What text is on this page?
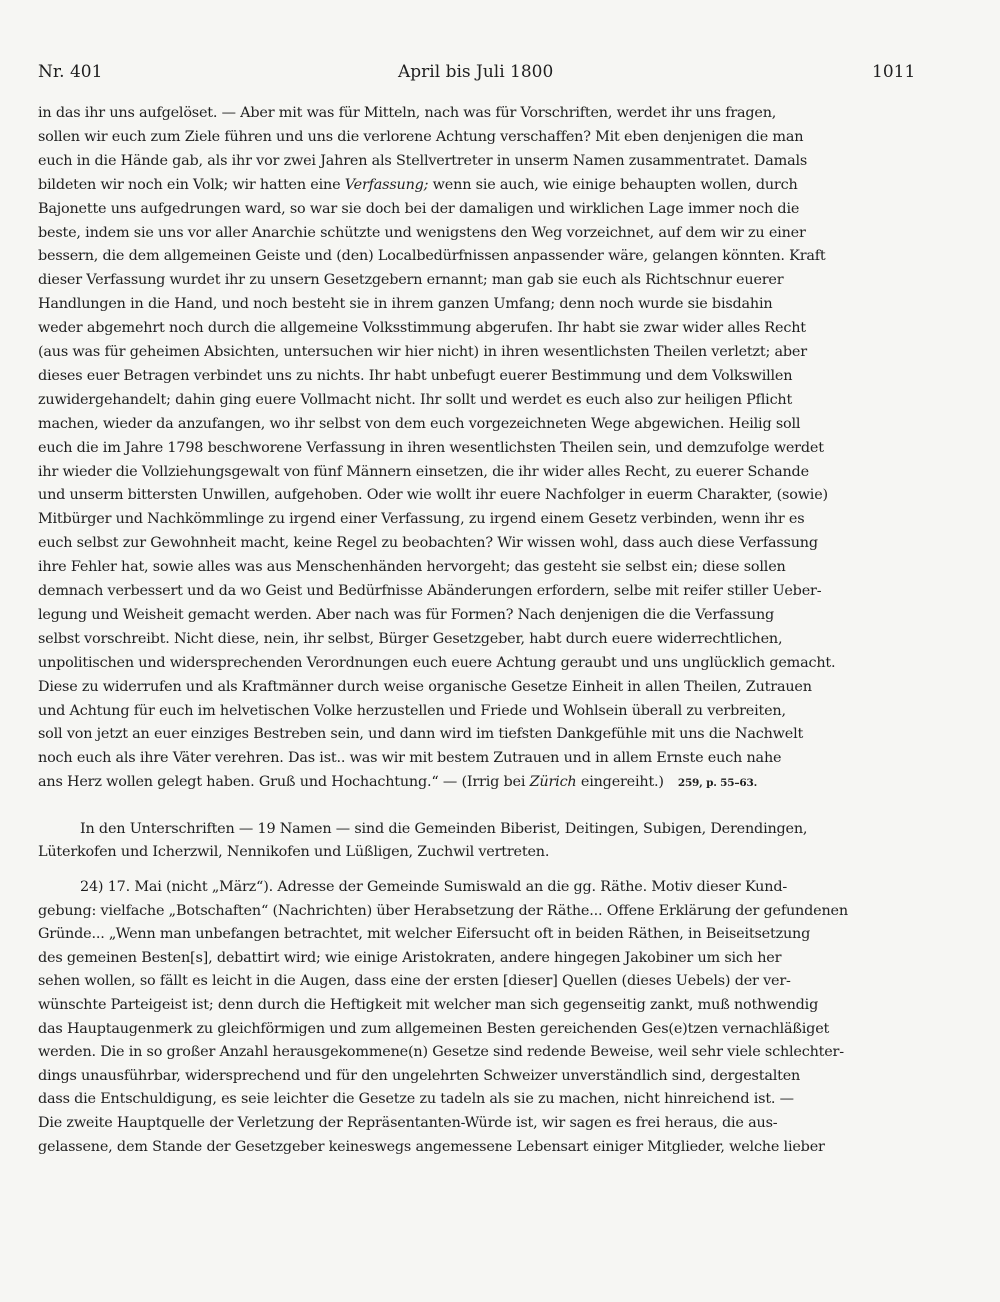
Nr. 401	April bis Juli 1800	1011
in das ihr uns aufgelöset. — Aber mit was für Mitteln, nach was für Vorschriften, werdet ihr uns fragen,
sollen wir euch zum Ziele führen und uns die verlorene Achtung verschaffen? Mit eben denjenigen die man
euch in die Hände gab, als ihr vor zwei Jahren als Stellvertreter in unserm Namen zusammentratet. Damals
bildeten wir noch ein Volk; wir hatten eine Verfassung; wenn sie auch, wie einige behaupten wollen, durch
Bajonette uns aufgedrungen ward, so war sie doch bei der damaligen und wirklichen Lage immer noch die
beste, indem sie uns vor aller Anarchie schützte und wenigstens den Weg vorzeichnet, auf dem wir zu einer
bessern, die dem allgemeinen Geiste und (den) Localbedürfnissen anpassender wäre, gelangen könnten. Kraft
dieser Verfassung wurdet ihr zu unsern Gesetzgebern ernannt; man gab sie euch als Richtschnur euerer
Handlungen in die Hand, und noch besteht sie in ihrem ganzen Umfang; denn noch wurde sie bisdahin
weder abgemehrt noch durch die allgemeine Volksstimmung abgerufen. Ihr habt sie zwar wider alles Recht
(aus was für geheimen Absichten, untersuchen wir hier nicht) in ihren wesentlichsten Theilen verletzt; aber
dieses euer Betragen verbindet uns zu nichts. Ihr habt unbefugt euerer Bestimmung und dem Volkswillen
zuwidergehandelt; dahin ging euere Vollmacht nicht. Ihr sollt und werdet es euch also zur heiligen Pflicht
machen, wieder da anzufangen, wo ihr selbst von dem euch vorgezeichneten Wege abgewichen. Heilig soll
euch die im Jahre 1798 beschworene Verfassung in ihren wesentlichsten Theilen sein, und demzufolge werdet
ihr wieder die Vollziehungsgewalt von fünf Männern einsetzen, die ihr wider alles Recht, zu euerer Schande
und unserm bittersten Unwillen, aufgehoben. Oder wie wollt ihr euere Nachfolger in euerm Charakter, (sowie)
Mitbürger und Nachkömmlinge zu irgend einer Verfassung, zu irgend einem Gesetz verbinden, wenn ihr es
euch selbst zur Gewohnheit macht, keine Regel zu beobachten? Wir wissen wohl, dass auch diese Verfassung
ihre Fehler hat, sowie alles was aus Menschenhänden hervorgeht; das gesteht sie selbst ein; diese sollen
demnach verbessert und da wo Geist und Bedürfnisse Abänderungen erfordern, selbe mit reifer stiller Ueber-
legung und Weisheit gemacht werden. Aber nach was für Formen? Nach denjenigen die die Verfassung
selbst vorschreibt. Nicht diese, nein, ihr selbst, Bürger Gesetzgeber, habt durch euere widerrechtlichen,
unpolitischen und widersprechenden Verordnungen euch euere Achtung geraubt und uns unglücklich gemacht.
Diese zu widerrufen und als Kraftmänner durch weise organische Gesetze Einheit in allen Theilen, Zutrauen
und Achtung für euch im helvetischen Volke herzustellen und Friede und Wohlsein überall zu verbreiten,
soll von jetzt an euer einziges Bestreben sein, und dann wird im tiefsten Dankgefühle mit uns die Nachwelt
noch euch als ihre Väter verehren. Das ist.. was wir mit bestem Zutrauen und in allem Ernste euch nahe
ans Herz wollen gelegt haben. Gruß und Hochachtung.“ — (Irrig bei Zürich eingereiht.) 259, p. 55–63.
In den Unterschriften — 19 Namen — sind die Gemeinden Biberist, Deitingen, Subigen, Derendingen,
Lüterkofen und Icherzwil, Nennikofen und Lüßligen, Zuchwil vertreten.
24) 17. Mai (nicht „März“). Adresse der Gemeinde Sumiswald an die gg. Räthe. Motiv dieser Kund-
gebung: vielfache „Botschaften“ (Nachrichten) über Herabsetzung der Räthe... Offene Erklärung der gefundenen
Gründe... „Wenn man unbefangen betrachtet, mit welcher Eifersucht oft in beiden Räthen, in Beiseitsetzung
des gemeinen Besten[s], debattirt wird; wie einige Aristokraten, andere hingegen Jakobiner um sich her
sehen wollen, so fällt es leicht in die Augen, dass eine der ersten [dieser] Quellen (dieses Uebels) der ver-
wünschte Parteigeist ist; denn durch die Heftigkeit mit welcher man sich gegenseitig zankt, muß nothwendig
das Hauptaugenmerk zu gleichförmigen und zum allgemeinen Besten gereichenden Ges(e)tzen vernachläßiget
werden. Die in so großer Anzahl herausgekommene(n) Gesetze sind redende Beweise, weil sehr viele schlechter-
dings unausführbar, widersprechend und für den ungelehrten Schweizer unverständlich sind, dergestalten
dass die Entschuldigung, es seie leichter die Gesetze zu tadeln als sie zu machen, nicht hinreichend ist. —
Die zweite Hauptquelle der Verletzung der Repräsentanten-Würde ist, wir sagen es frei heraus, die aus-
gelassene, dem Stande der Gesetzgeber keineswegs angemessene Lebensart einiger Mitglieder, welche lieber
